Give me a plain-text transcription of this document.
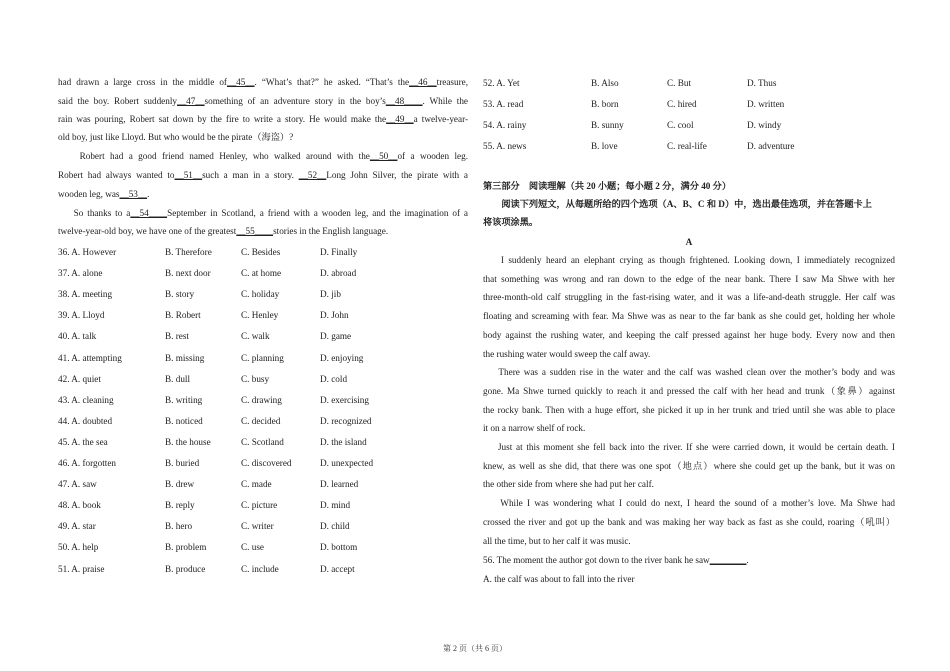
had drawn a large cross in the middle of__45__. “What’s that?” he asked. “That’s the__46__treasure,
said the boy. Robert suddenly__47__something of an adventure story in the boy’s__48____. While the
rain was pouring, Robert sat down by the fire to write a story. He would make the__49__a twelve-year-
old boy, just like Lloyd. But who would be the pirate（海盗）?
Robert had a good friend named Henley, who walked around with the__50__of a wooden leg.
Robert had always wanted to__51__such a man in a story. __52__Long John Silver, the pirate with a
wooden leg, was__53__.
So thanks to a__54____September in Scotland, a friend with a wooden leg, and the imagination of a
twelve-year-old boy, we have one of the greatest__55____stories in the English language.
36. A. However	B. Therefore	C. Besides	D. Finally
37. A. alone	B. next door	C. at home	D. abroad
38. A. meeting	B. story	C. holiday	D. jib
39. A. Lloyd	B. Robert	C. Henley	D. John
40. A. talk	B. rest	C. walk	D. game
41. A. attempting	B. missing	C. planning	D. enjoying
42. A. quiet	B. dull	C. busy	D. cold
43. A. cleaning	B. writing	C. drawing	D. exercising
44. A. doubted	B. noticed	C. decided	D. recognized
45. A. the sea	B. the house	C. Scotland	D. the island
46. A. forgotten	B. buried	C. discovered	D. unexpected
47. A. saw	B. drew	C. made	D. learned
48. A. book	B. reply	C. picture	D. mind
49. A. star	B. hero	C. writer	D. child
50. A. help	B. problem	C. use	D. bottom
51. A. praise	B. produce	C. include	D. accept
52. A. Yet	B. Also	C. But	D. Thus
53. A. read	B. born	C. hired	D. written
54. A. rainy	B. sunny	C. cool	D. windy
55. A. news	B. love	C. real-life	D. adventure
第三部分　阅读理解（共 20 小题；每小题 2 分，满分 40 分）
　　阅读下列短文，从每题所给的四个选项（A、B、C 和 D）中，选出最佳选项，并在答题卡上
将该项涂黑。
A
I suddenly heard an elephant crying as though frightened. Looking down, I immediately recognized
that something was wrong and ran down to the edge of the near bank. There I saw Ma Shwe with her
three-month-old calf struggling in the fast-rising water, and it was a life-and-death struggle. Her calf was
floating and screaming with fear. Ma Shwe was as near to the far bank as she could get, holding her whole
body against the rushing water, and keeping the calf pressed against her huge body. Every now and then
the rushing water would sweep the calf away.
There was a sudden rise in the water and the calf was washed clean over the mother’s body and was
gone. Ma Shwe turned quickly to reach it and pressed the calf with her head and trunk（象鼻）against
the rocky bank. Then with a huge effort, she picked it up in her trunk and tried until she was able to place
it on a narrow shelf of rock.
Just at this moment she fell back into the river. If she were carried down, it would be certain death. I
knew, as well as she did, that there was one spot（地点）where she could get up the bank, but it was on
the other side from where she had put her calf.
While I was wondering what I could do next, I heard the sound of a mother’s love. Ma Shwe had
crossed the river and got up the bank and was making her way back as fast as she could, roaring（吼叫）
all the time, but to her calf it was music.
56. The moment the author got down to the river bank he saw________.
A. the calf was about to fall into the river
第 2 页（共 6 页）
